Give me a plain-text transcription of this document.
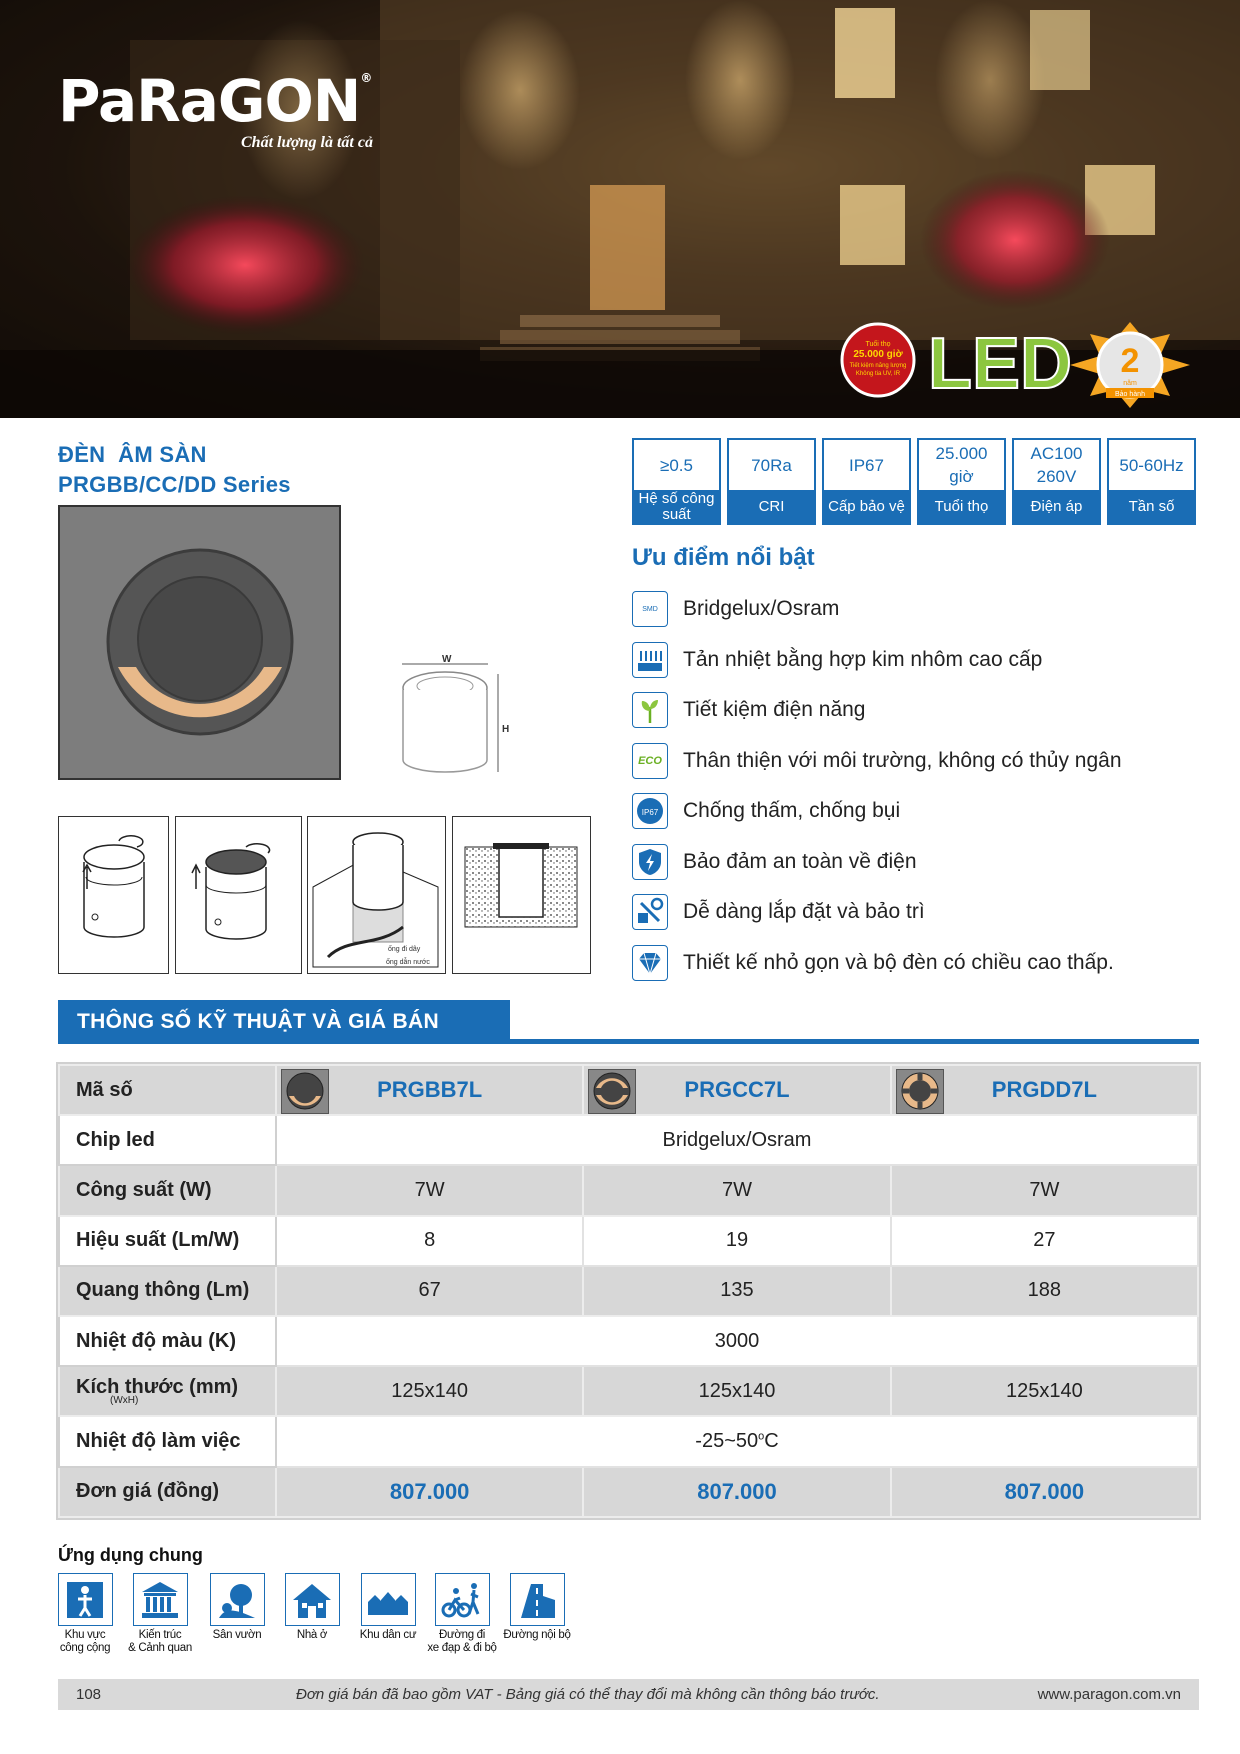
Tuổi thọ
25.000 giờ
Tiết kiệm năng lượng
Không tia UV, IR LED 2
năm
Bảo hành
PaRaGON®
Chất lượng là tất cả
ĐÈN  ÂM SÀN
PRGBB/CC/DD Series
W
H
ống đi dây
ống dẫn nước
≥0.5
Hệ số công suất
70Ra
CRI
IP67
Cấp bảo vệ
25.000 giờ
Tuổi thọ
AC100 260V
Điện áp
50-60Hz
Tần số
Ưu điểm nổi bật
SMD Bridgelux/Osram
Tản nhiệt bằng hợp kim nhôm cao cấp
Tiết kiệm điện năng
ECO Thân thiện với môi trường, không có thủy ngân
IP67 Chống thấm, chống bụi
Bảo đảm an toàn về điện
Dễ dàng lắp đặt và bảo trì
Thiết kế nhỏ gọn và bộ đèn có chiều cao thấp.
THÔNG SỐ KỸ THUẬT VÀ GIÁ BÁN
Mã số	PRGBB7L	PRGCC7L	PRGDD7L
Chip led	Bridgelux/Osram		
Công suất (W)	7W	7W	7W
Hiệu suất (Lm/W)	8	19	27
Quang thông (Lm)	67	135	188
Nhiệt độ màu (K)	3000		
Kích thước (mm)
(WxH)	125x140	125x140	125x140
Nhiệt độ làm việc	-25~50$^o$C		
Đơn giá (đồng)	807.000	807.000	807.000
Ứng dụng chung
Khu vực
công cộng
Kiến trúc
& Cảnh quan
Sân vườn	Nhà ở	Khu dân cư	Đường đi
xe đạp & đi bộ
Đường nội bộ

108	Đơn giá bán đã bao gồm VAT - Bảng giá có thể thay đổi mà không cần thông báo trước.	www.paragon.com.vn
